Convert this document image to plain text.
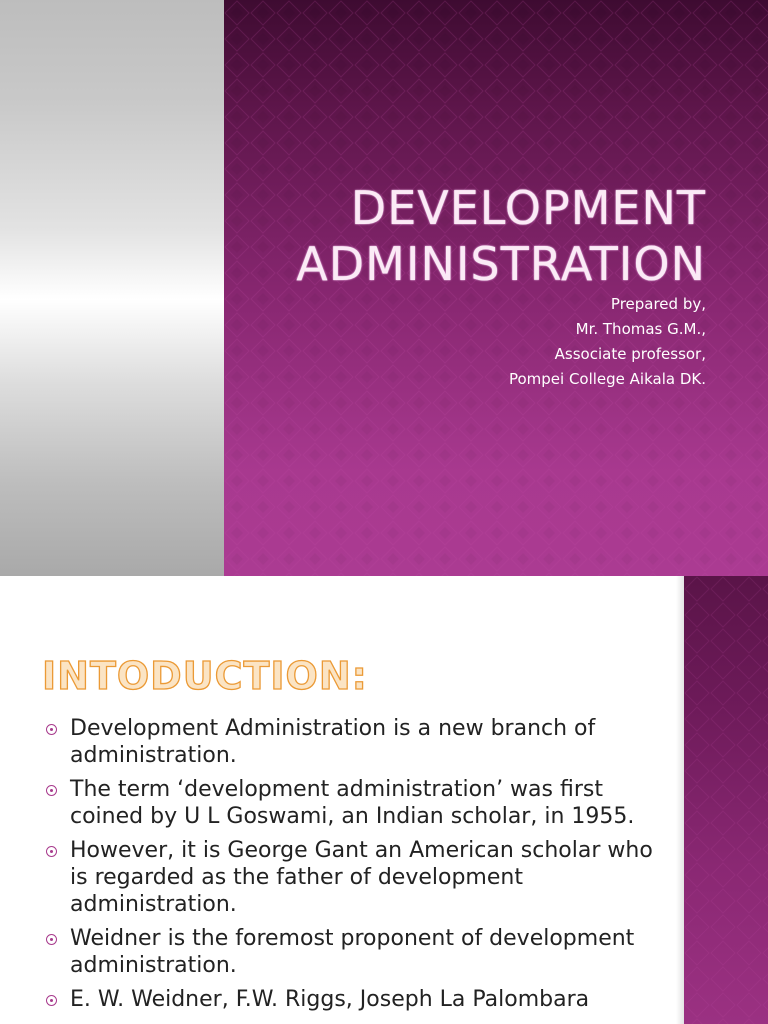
DEVELOPMENT
ADMINISTRATION
Prepared by,
Mr. Thomas G.M.,
Associate professor,
Pompei College Aikala DK.
INTODUCTION:
Development Administration is a new branch of administration.
The term ‘development administration’ was first coined by U L Goswami, an Indian scholar, in 1955.
However, it is George Gant an American scholar who is regarded as the father of development administration.
Weidner is the foremost proponent of development administration.
E. W. Weidner, F.W. Riggs, Joseph La Palombara
